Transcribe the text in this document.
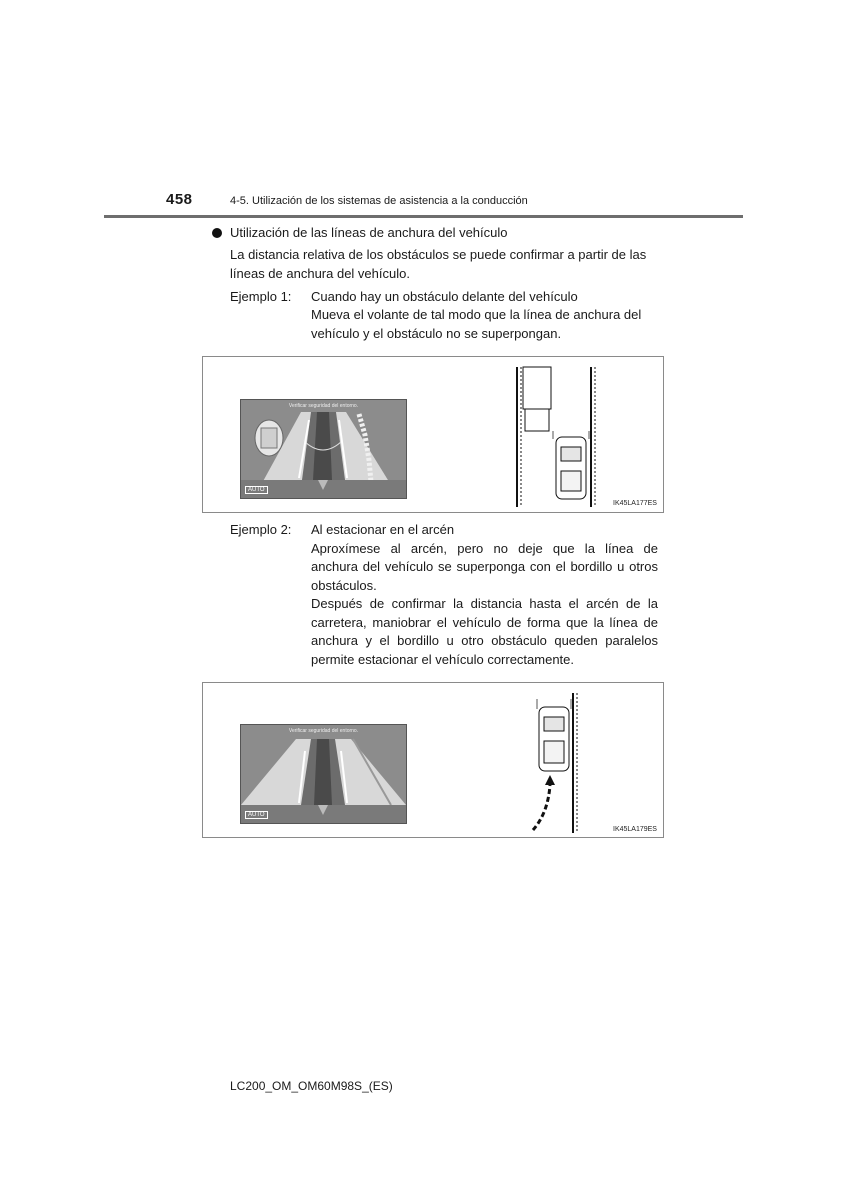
458	4-5. Utilización de los sistemas de asistencia a la conducción
Utilización de las líneas de anchura del vehículo
La distancia relativa de los obstáculos se puede confirmar a partir de las
líneas de anchura del vehículo.
Ejemplo 1: Cuando hay un obstáculo delante del vehículo
Mueva el volante de tal modo que la línea de anchura del
vehículo y el obstáculo no se superpongan.
Verificar seguridad del entorno.
AUTO
IK45LA177ES
Ejemplo 2: Al estacionar en el arcén
Aproxímese al arcén, pero no deje que la línea de
anchura del vehículo se superponga con el bordillo u otros
obstáculos.
Después de confirmar la distancia hasta el arcén de la
carretera, maniobrar el vehículo de forma que la línea de
anchura y el bordillo u otro obstáculo queden paralelos
permite estacionar el vehículo correctamente.
Verificar seguridad del entorno.
AUTO
IK45LA179ES
LC200_OM_OM60M98S_(ES)
